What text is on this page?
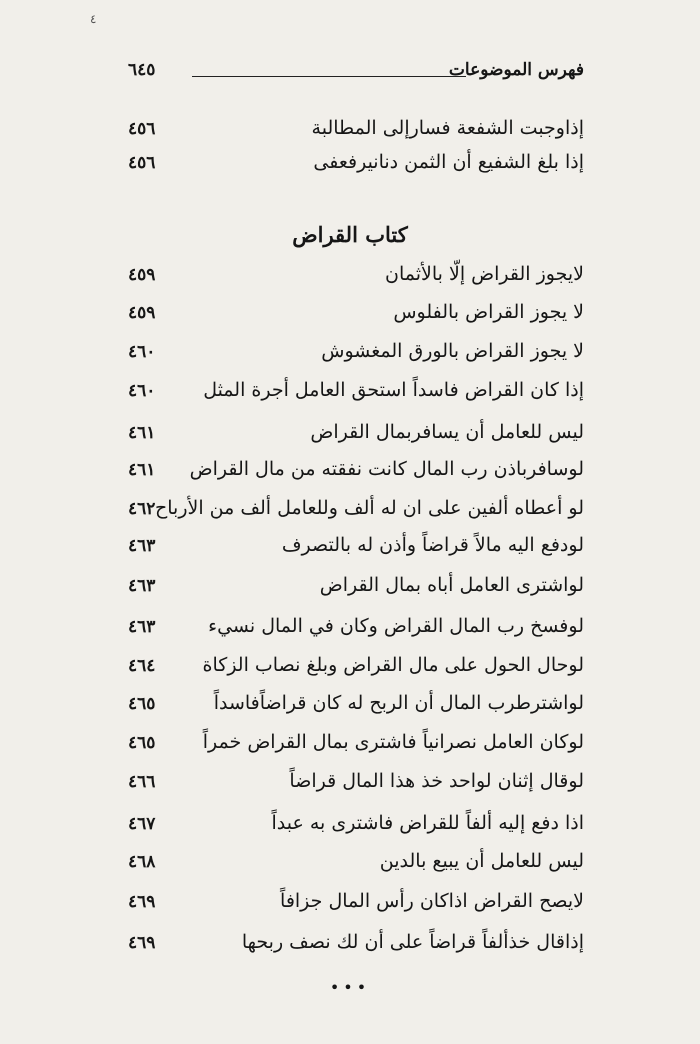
٤
فهرس الموضوعات
٦٤٥
إذاوجبت الشفعة فسارإلى المطالبة
٤٥٦
إذا بلغ الشفيع أن الثمن دنانيرفعفى
٤٥٦
كتاب القراض
لايجوز القراض إلّا بالأثمان
٤٥٩
لا يجوز القراض بالفلوس
٤٥٩
لا يجوز القراض بالورق المغشوش
٤٦٠
إذا كان القراض فاسداً استحق العامل أجرة المثل
٤٦٠
ليس للعامل أن يسافربمال القراض
٤٦١
لوسافرباذن رب المال كانت نفقته من مال القراض
٤٦١
لو أعطاه ألفين على ان له ألف وللعامل ألف من الأرباح
٤٦٢
لودفع اليه مالاً قراضاً وأذن له بالتصرف
٤٦٣
لواشترى العامل أباه بمال القراض
٤٦٣
لوفسخ رب المال القراض وكان في المال نسيء
٤٦٣
لوحال الحول على مال القراض وبلغ نصاب الزكاة
٤٦٤
لواشترطرب المال أن الربح له كان قراضاًفاسداً
٤٦٥
لوكان العامل نصرانياً فاشترى بمال القراض خمراً
٤٦٥
لوقال إثنان لواحد خذ هذا المال قراضاً
٤٦٦
اذا دفع إليه ألفاً للقراض فاشترى به عبداً
٤٦٧
ليس للعامل أن يبيع بالدين
٤٦٨
لايصح القراض اذاكان رأس المال جزافاً
٤٦٩
إذاقال خذألفاً قراضاً على أن لك نصف ربحها
٤٦٩
•••
